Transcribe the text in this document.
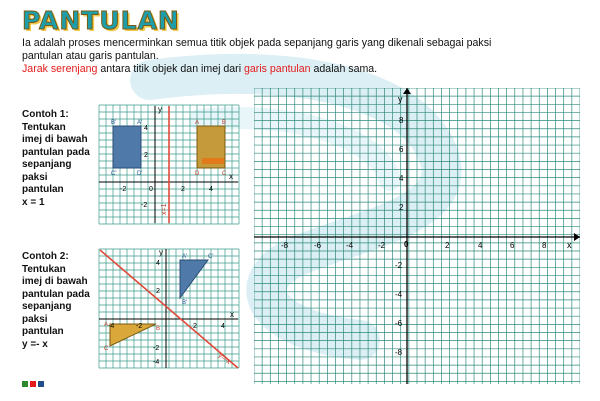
PANTULAN
Ia adalah proses mencerminkan semua titik objek pada sepanjang garis yang dikenali sebagai paksi
pantulan atau garis pantulan.
Jarak serenjang antara titik objek dan imej dari garis pantulan adalah sama.
Contoh 1:
Tentukan
imej di bawah
pantulan pada
sepanjang
paksi
pantulan
x = 1
Contoh 2:
Tentukan
imej di bawah
pantulan pada
sepanjang
paksi
pantulan
y =- x
x
y
-2	0	2	4
4
2
-2
B'	A'
C'	D'
A	B
D	C
x=1
x
y
-4	-2	2	4
4
2
-2
-4
A'	C'
B'
A
C
B
y=-x
x
y
0
-8	-6	-4	-2	2	4	6	8
8
6
4
2
-2
-4
-6
-8
